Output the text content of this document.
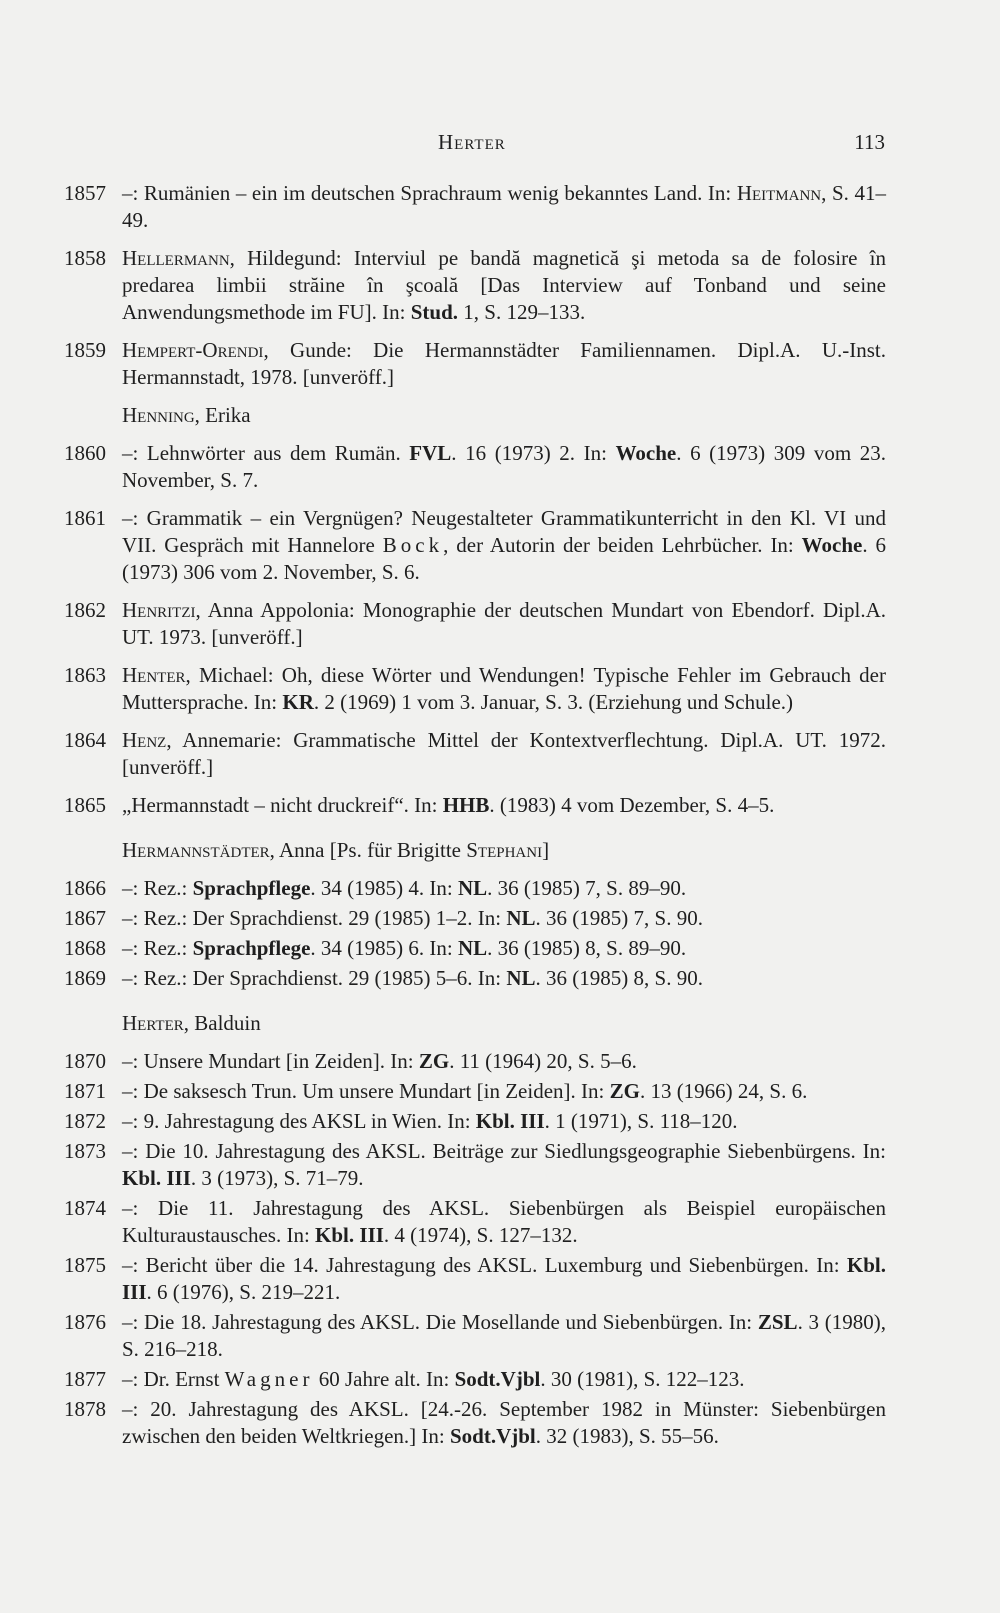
Herter	113
1857 –: Rumänien – ein im deutschen Sprachraum wenig bekanntes Land. In: Heitmann, S. 41–49.
1858 Hellermann, Hildegund: Interviul pe bandă magnetică şi metoda sa de folosire în predarea limbii străine în şcoală [Das Interview auf Tonband und seine Anwendungsmethode im FU]. In: Stud. 1, S. 129–133.
1859 Hempert-Orendi, Gunde: Die Hermannstädter Familiennamen. Dipl.A. U.-Inst. Hermannstadt, 1978. [unveröff.]
Henning, Erika
1860 –: Lehnwörter aus dem Rumän. FVL. 16 (1973) 2. In: Woche. 6 (1973) 309 vom 23. November, S. 7.
1861 –: Grammatik – ein Vergnügen? Neugestalteter Grammatikunterricht in den Kl. VI und VII. Gespräch mit Hannelore Bock, der Autorin der beiden Lehrbücher. In: Woche. 6 (1973) 306 vom 2. November, S. 6.
1862 Henritzi, Anna Appolonia: Monographie der deutschen Mundart von Ebendorf. Dipl.A. UT. 1973. [unveröff.]
1863 Henter, Michael: Oh, diese Wörter und Wendungen! Typische Fehler im Gebrauch der Muttersprache. In: KR. 2 (1969) 1 vom 3. Januar, S. 3. (Erziehung und Schule.)
1864 Henz, Annemarie: Grammatische Mittel der Kontextverflechtung. Dipl.A. UT. 1972. [unveröff.]
1865 „Hermannstadt – nicht druckreif“. In: HHB. (1983) 4 vom Dezember, S. 4–5.
Hermannstädter, Anna [Ps. für Brigitte Stephani]
1866 –: Rez.: Sprachpflege. 34 (1985) 4. In: NL. 36 (1985) 7, S. 89–90.
1867 –: Rez.: Der Sprachdienst. 29 (1985) 1–2. In: NL. 36 (1985) 7, S. 90.
1868 –: Rez.: Sprachpflege. 34 (1985) 6. In: NL. 36 (1985) 8, S. 89–90.
1869 –: Rez.: Der Sprachdienst. 29 (1985) 5–6. In: NL. 36 (1985) 8, S. 90.
Herter, Balduin
1870 –: Unsere Mundart [in Zeiden]. In: ZG. 11 (1964) 20, S. 5–6.
1871 –: De saksesch Trun. Um unsere Mundart [in Zeiden]. In: ZG. 13 (1966) 24, S. 6.
1872 –: 9. Jahrestagung des AKSL in Wien. In: Kbl. III. 1 (1971), S. 118–120.
1873 –: Die 10. Jahrestagung des AKSL. Beiträge zur Siedlungsgeographie Siebenbürgens. In: Kbl. III. 3 (1973), S. 71–79.
1874 –: Die 11. Jahrestagung des AKSL. Siebenbürgen als Beispiel europäischen Kulturaustausches. In: Kbl. III. 4 (1974), S. 127–132.
1875 –: Bericht über die 14. Jahrestagung des AKSL. Luxemburg und Siebenbürgen. In: Kbl. III. 6 (1976), S. 219–221.
1876 –: Die 18. Jahrestagung des AKSL. Die Mosellande und Siebenbürgen. In: ZSL. 3 (1980), S. 216–218.
1877 –: Dr. Ernst Wagner 60 Jahre alt. In: Sodt.Vjbl. 30 (1981), S. 122–123.
1878 –: 20. Jahrestagung des AKSL. [24.-26. September 1982 in Münster: Siebenbürgen zwischen den beiden Weltkriegen.] In: Sodt.Vjbl. 32 (1983), S. 55–56.
